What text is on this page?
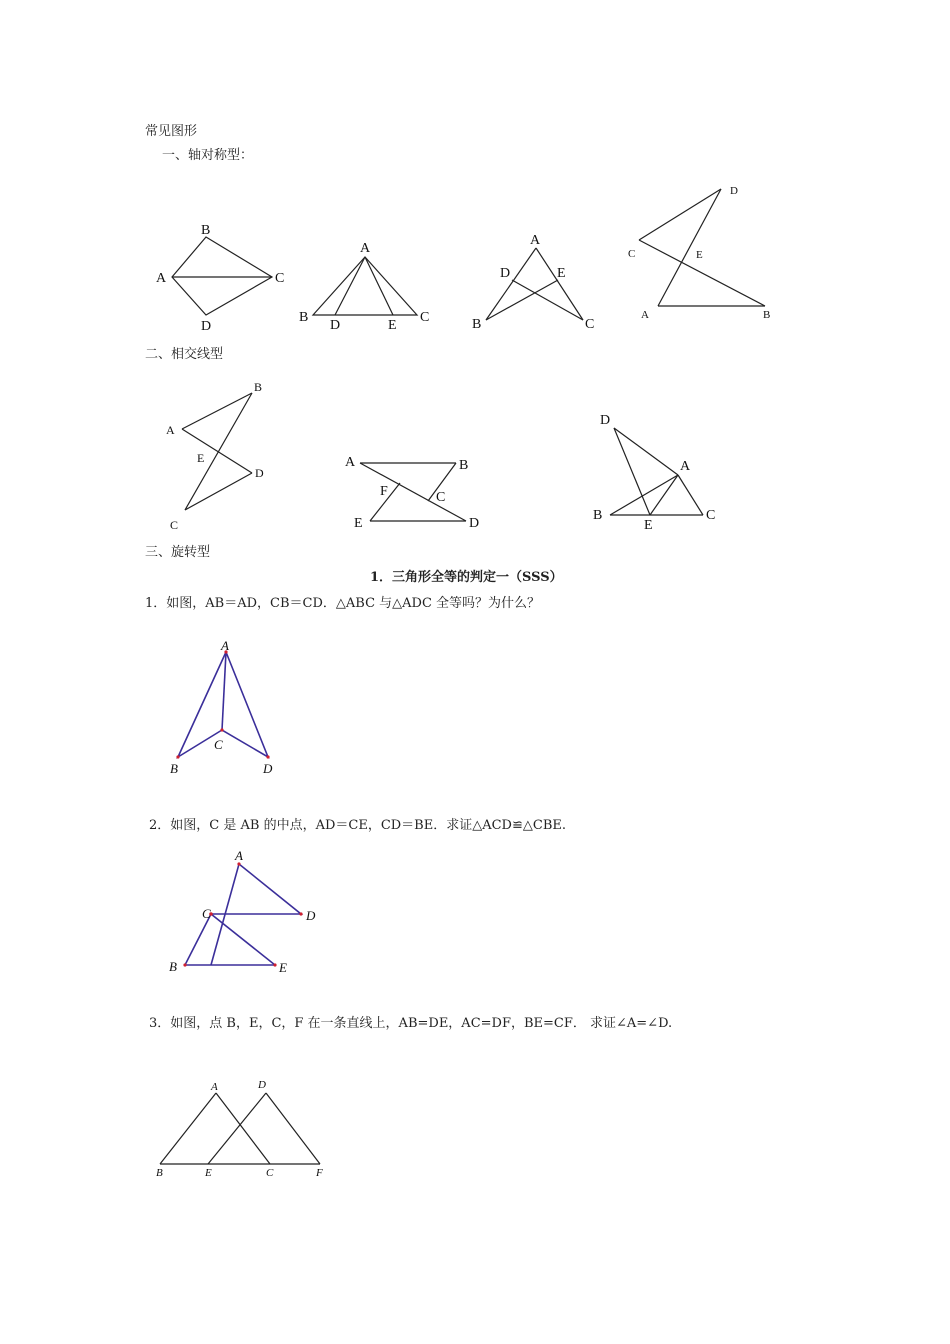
常见图形
一、轴对称型：
二、相交线型
三、旋转型
1．三角形全等的判定一（SSS）
1．如图，AB＝AD，CB＝CD．△ABC 与△ADC 全等吗？为什么？
2．如图，C 是 AB 的中点，AD＝CE，CD＝BE．求证△ACD≌△CBE.
3．如图，点 B，E，C，F 在一条直线上，AB=DE，AC=DF，BE=CF． 求证∠A=∠D.
B
A	C
D
A
B
D	E
C
A
D	E
B	C
D
C	E
A	B
B
A
E
D
C
A	B
F	C
E	D
D
A
B
E
C
A
C
B	D
A
C	D
B	E
A	D
B	E	C	F
